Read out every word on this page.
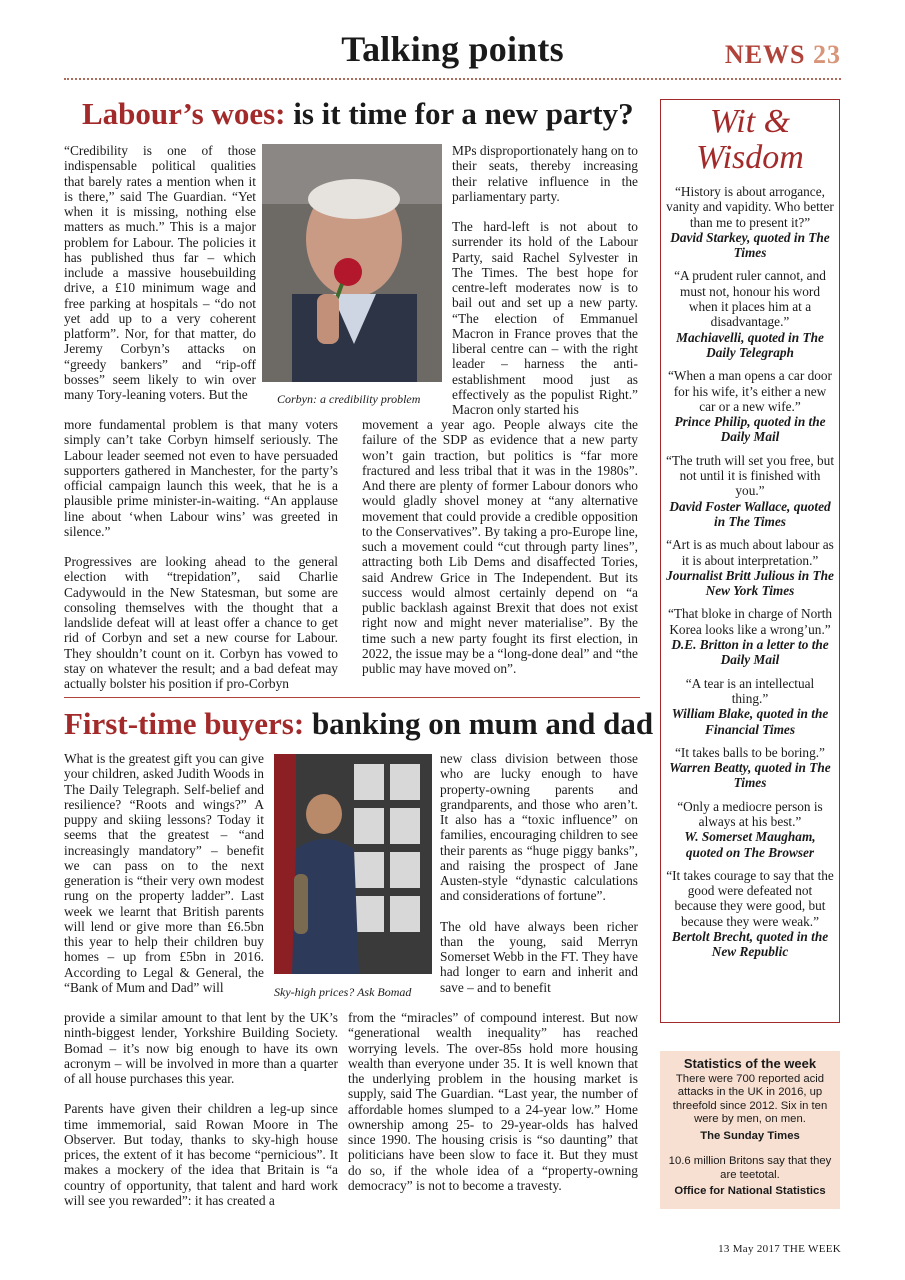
Talking points	NEWS 23
Labour’s woes: is it time for a new party?

“Credibility is one of those indispensable political qualities that barely rates a mention when it is there,” said The Guardian. “Yet when it is missing, nothing else matters as much.” This is a major problem for Labour. The policies it has published thus far – which include a massive housebuilding drive, a £10 minimum wage and free parking at hospitals – “do not yet add up to a very coherent platform”. Nor, for that matter, do Jeremy Corbyn’s attacks on “greedy bankers” and “rip-off bosses” seem likely to win over many Tory-leaning voters. But the

more fundamental problem is that many voters simply can’t take Corbyn himself seriously. The Labour leader seemed not even to have persuaded supporters gathered in Manchester, for the party’s official campaign launch this week, that he is a plausible prime minister-in-waiting. “An applause line about ‘when Labour wins’ was greeted in silence.”

Progressives are looking ahead to the general election with “trepidation”, said Charlie Cadywould in the New Statesman, but some are consoling themselves with the thought that a landslide defeat will at least offer a chance to get rid of Corbyn and set a new course for Labour. They shouldn’t count on it. Corbyn has vowed to stay on whatever the result; and a bad defeat may actually bolster his position if pro-Corbyn

Corbyn: a credibility problem

MPs disproportionately hang on to their seats, thereby increasing their relative influence in the parliamentary party.

The hard-left is not about to surrender its hold of the Labour Party, said Rachel Sylvester in The Times. The best hope for centre-left moderates now is to bail out and set up a new party. “The election of Emmanuel Macron in France proves that the liberal centre can – with the right leader – harness the anti-establishment mood just as effectively as the populist Right.” Macron only started his

movement a year ago. People always cite the failure of the SDP as evidence that a new party won’t gain traction, but politics is “far more fractured and less tribal that it was in the 1980s”. And there are plenty of former Labour donors who would gladly shovel money at “any alternative movement that could provide a credible opposition to the Conservatives”. By taking a pro-Europe line, such a movement could “cut through party lines”, attracting both Lib Dems and disaffected Tories, said Andrew Grice in The Independent. But its success would almost certainly depend on “a public backlash against Brexit that does not exist right now and might never materialise”. By the time such a new party fought its first election, in 2022, the issue may be a “long-done deal” and “the public may have moved on”.

First-time buyers: banking on mum and dad

What is the greatest gift you can give your children, asked Judith Woods in The Daily Telegraph. Self-belief and resilience? “Roots and wings?” A puppy and skiing lessons? Today it seems that the greatest – “and increasingly mandatory” – benefit we can pass on to the next generation is “their very own modest rung on the property ladder”. Last week we learnt that British parents will lend or give more than £6.5bn this year to help their children buy homes – up from £5bn in 2016. According to Legal & General, the “Bank of Mum and Dad” will

provide a similar amount to that lent by the UK’s ninth-biggest lender, Yorkshire Building Society. Bomad – it’s now big enough to have its own acronym – will be involved in more than a quarter of all house purchases this year.

Parents have given their children a leg-up since time immemorial, said Rowan Moore in The Observer. But today, thanks to sky-high house prices, the extent of it has become “pernicious”. It makes a mockery of the idea that Britain is “a country of opportunity, that talent and hard work will see you rewarded”: it has created a

Sky-high prices? Ask Bomad

new class division between those who are lucky enough to have property-owning parents and grandparents, and those who aren’t. It also has a “toxic influence” on families, encouraging children to see their parents as “huge piggy banks”, and raising the prospect of Jane Austen-style “dynastic calculations and considerations of fortune”.

The old have always been richer than the young, said Merryn Somerset Webb in the FT. They have had longer to earn and inherit and save – and to benefit

from the “miracles” of compound interest. But now “generational wealth inequality” has reached worrying levels. The over-85s hold more housing wealth than everyone under 35. It is well known that the underlying problem in the housing market is supply, said The Guardian. “Last year, the number of affordable homes slumped to a 24-year low.” Home ownership among 25- to 29-year-olds has halved since 1990. The housing crisis is “so daunting” that politicians have been slow to face it. But they must do so, if the whole idea of a “property-owning democracy” is not to become a travesty.

Wit &
Wisdom
“History is about arrogance, vanity and vapidity. Who better than me to present it?”
David Starkey, quoted in The Times
“A prudent ruler cannot, and must not, honour his word when it places him at a disadvantage.”
Machiavelli, quoted in The Daily Telegraph
“When a man opens a car door for his wife, it’s either a new car or a new wife.”
Prince Philip, quoted in the Daily Mail
“The truth will set you free, but not until it is finished with you.”
David Foster Wallace, quoted in The Times
“Art is as much about labour as it is about interpretation.”
Journalist Britt Julious in The New York Times
“That bloke in charge of North Korea looks like a wrong’un.”
D.E. Britton in a letter to the Daily Mail
“A tear is an intellectual thing.”
William Blake, quoted in the Financial Times
“It takes balls to be boring.”
Warren Beatty, quoted in The Times
“Only a mediocre person is always at his best.”
W. Somerset Maugham, quoted on The Browser
“It takes courage to say that the good were defeated not because they were good, but because they were weak.”
Bertolt Brecht, quoted in the New Republic
Statistics of the week
There were 700 reported acid attacks in the UK in 2016, up threefold since 2012. Six in ten were by men, on men.
The Sunday Times
10.6 million Britons say that they are teetotal.
Office for National Statistics
13 May 2017 THE WEEK
